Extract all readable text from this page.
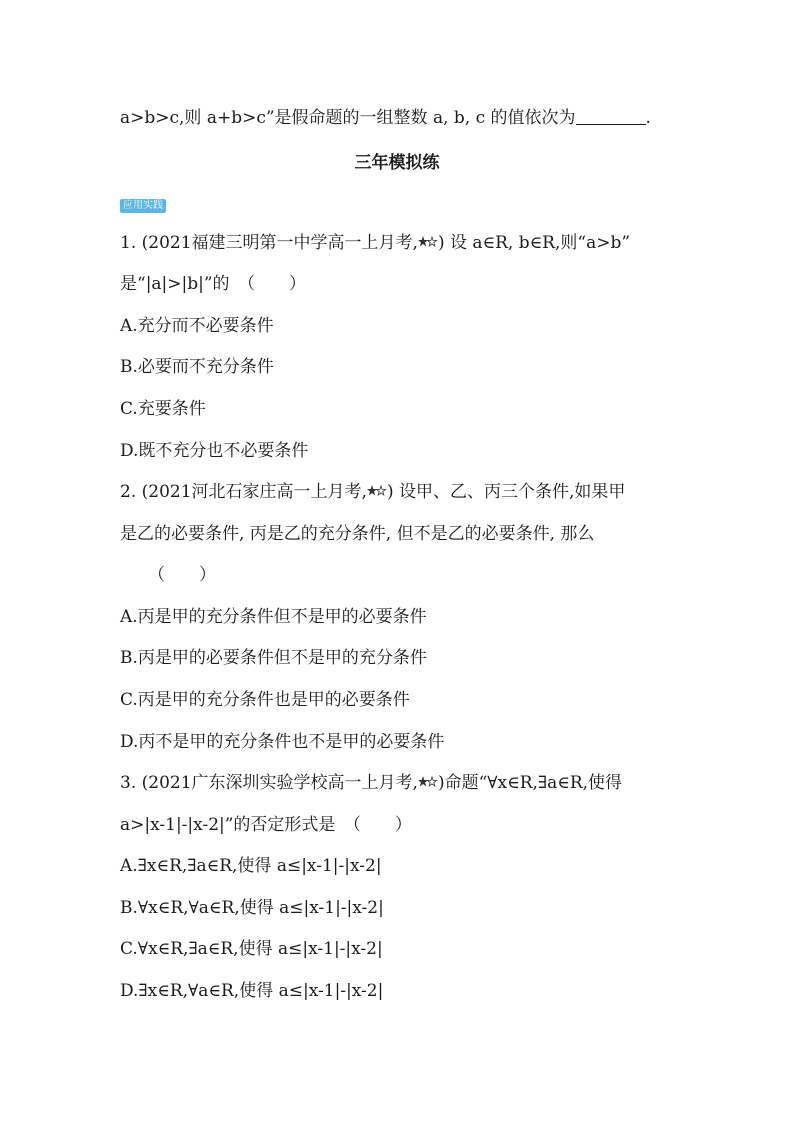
a>b>c,则 a+b>c”是假命题的一组整数 a, b, c 的值依次为	.
三年模拟练
应用实践
1. (2021福建三明第一中学高一上月考, ) 设 a∈R, b∈R,则“a>b”
是“|a|>|b|”的　（　　）
A.充分而不必要条件
B.必要而不充分条件
C.充要条件
D.既不充分也不必要条件
2. (2021河北石家庄高一上月考, ) 设甲、乙、丙三个条件,如果甲
是乙的必要条件, 丙是乙的充分条件, 但不是乙的必要条件, 那么
（　　）
A.丙是甲的充分条件但不是甲的必要条件
B.丙是甲的必要条件但不是甲的充分条件
C.丙是甲的充分条件也是甲的必要条件
D.丙不是甲的充分条件也不是甲的必要条件
3. (2021广东深圳实验学校高一上月考, )命题“∀x∈R,∃a∈R,使得
a>|x-1|-|x-2|”的否定形式是　（　　）
A.∃x∈R,∃a∈R,使得 a≤|x-1|-|x-2|
B.∀x∈R,∀a∈R,使得 a≤|x-1|-|x-2|
C.∀x∈R,∃a∈R,使得 a≤|x-1|-|x-2|
D.∃x∈R,∀a∈R,使得 a≤|x-1|-|x-2|
